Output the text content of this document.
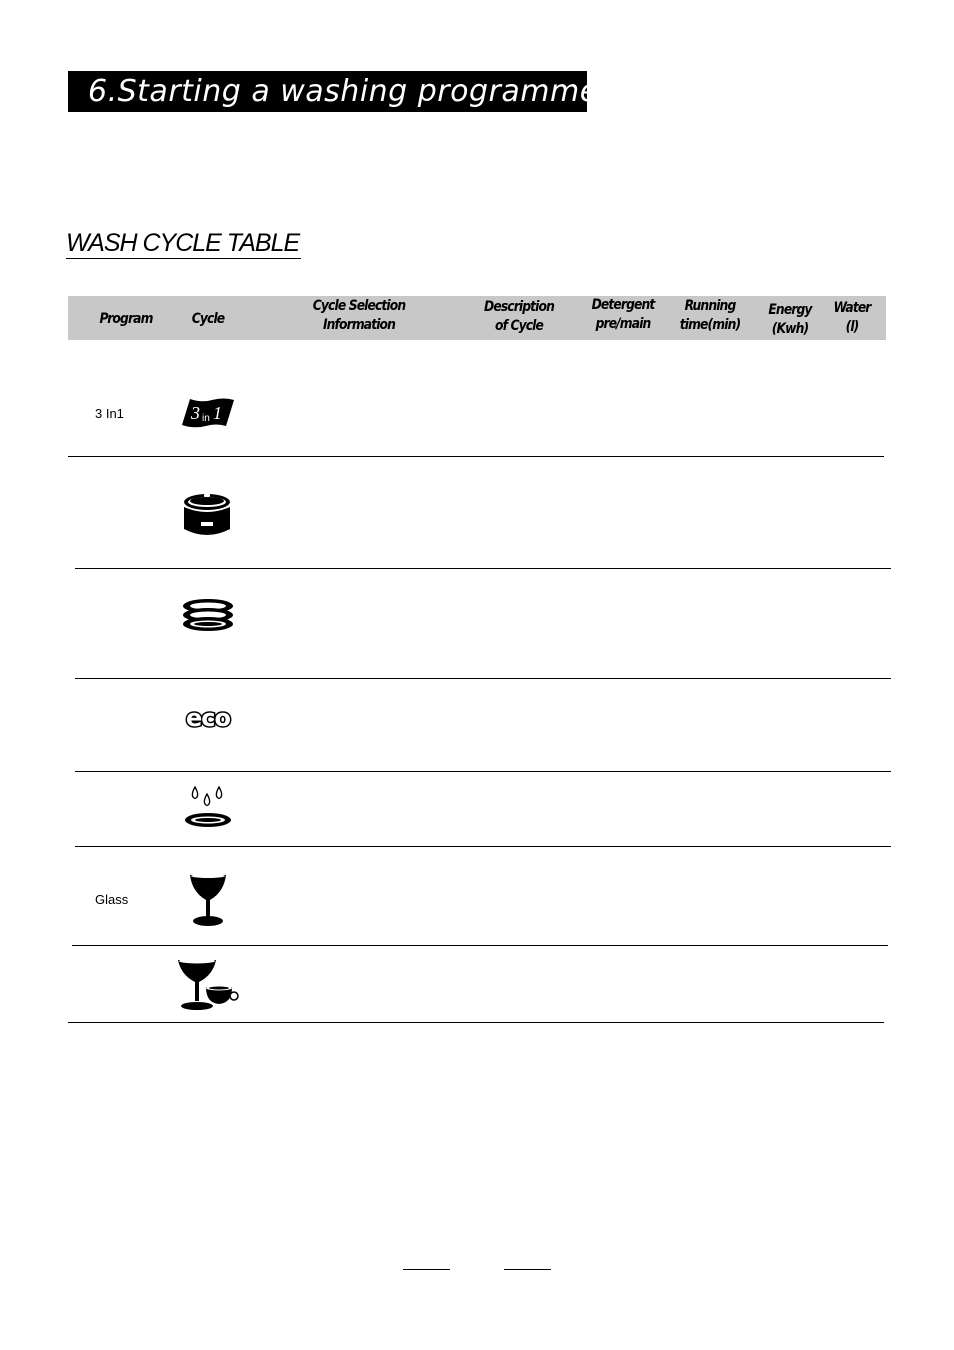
6.Starting a washing programme
WASH CYCLE TABLE
Program	Cycle
Cycle Selection
Information
Description
of Cycle
Detergent
pre/main
Running
time(min)
Energy
(Kwh)
Water
(l)
3 In1	3 in 1
eco
Glass
